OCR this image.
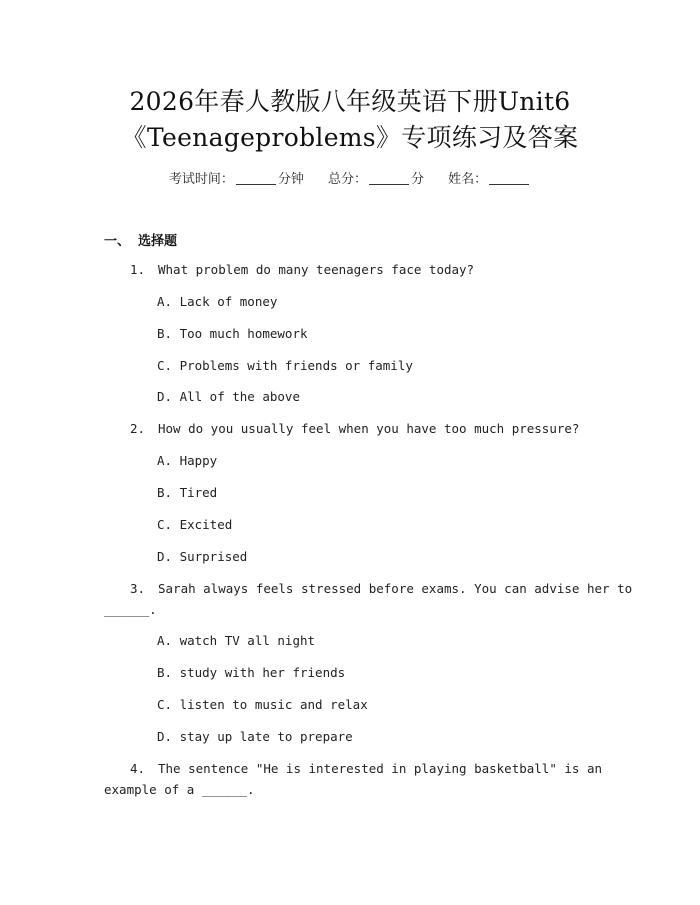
2026年春人教版八年级英语下册Unit6
《Teenageproblems》专项练习及答案
考试时间：	分钟 总分：	分 姓名：
一、 选择题
1. What problem do many teenagers face today?
A. Lack of money
B. Too much homework
C. Problems with friends or family
D. All of the above
2. How do you usually feel when you have too much pressure?
A. Happy
B. Tired
C. Excited
D. Surprised
3. Sarah always feels stressed before exams. You can advise her to
______.
A. watch TV all night
B. study with her friends
C. listen to music and relax
D. stay up late to prepare
4. The sentence "He is interested in playing basketball" is an
example of a ______.
